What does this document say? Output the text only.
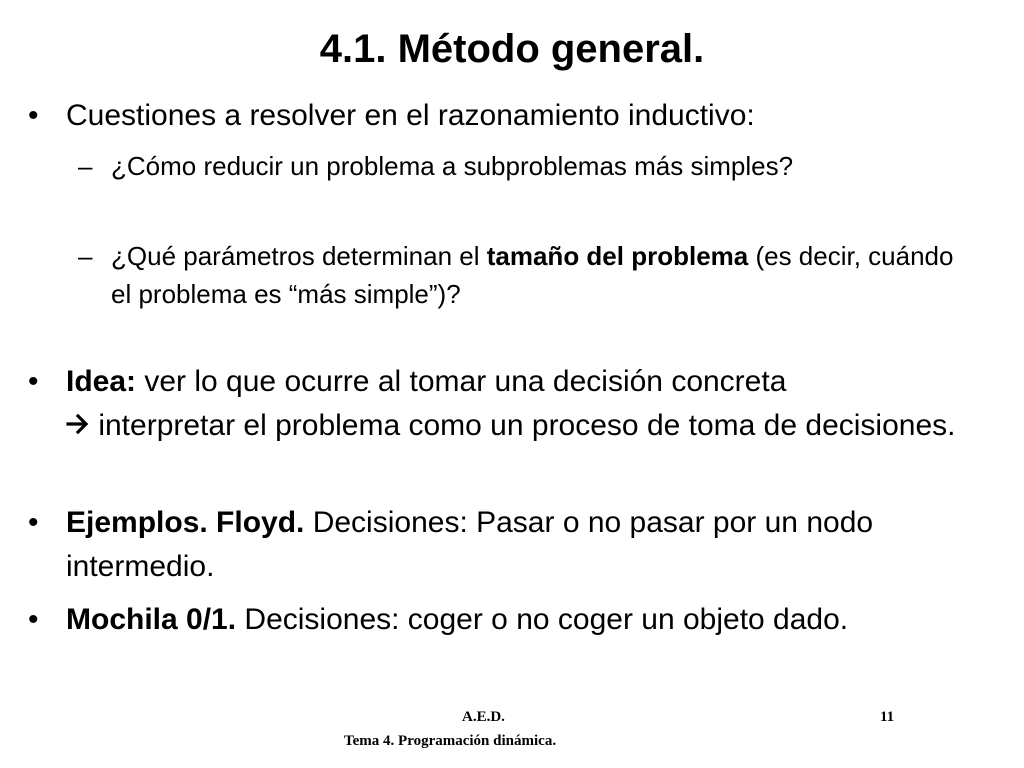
4.1. Método general.
• Cuestiones a resolver en el razonamiento inductivo:
– ¿Cómo reducir un problema a subproblemas más simples?
– ¿Qué parámetros determinan el tamaño del problema (es decir, cuándo el problema es “más simple”)?
• Idea: ver lo que ocurre al tomar una decisión concreta
interpretar el problema como un proceso de toma de decisiones.
• Ejemplos. Floyd. Decisiones: Pasar o no pasar por un nodo intermedio.
• Mochila 0/1. Decisiones: coger o no coger un objeto dado.
A.E.D.	11
Tema 4. Programación dinámica.
